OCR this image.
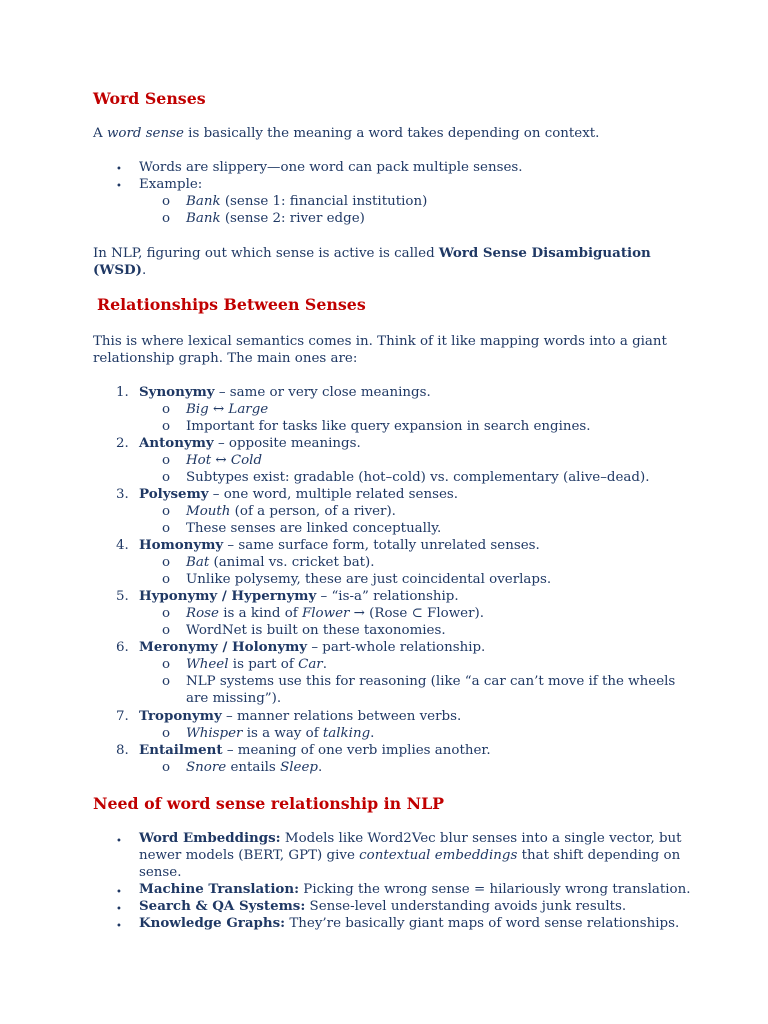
Word Senses
A word sense is basically the meaning a word takes depending on context.
• Words are slippery—one word can pack multiple senses.
• Example:
o Bank (sense 1: financial institution)
o Bank (sense 2: river edge)
In NLP, figuring out which sense is active is called Word Sense Disambiguation
(WSD).
Relationships Between Senses
This is where lexical semantics comes in. Think of it like mapping words into a giant
relationship graph. The main ones are:
1. Synonymy – same or very close meanings.
o Big ↔ Large
o Important for tasks like query expansion in search engines.
2. Antonymy – opposite meanings.
o Hot ↔ Cold
o Subtypes exist: gradable (hot–cold) vs. complementary (alive–dead).
3. Polysemy – one word, multiple related senses.
o Mouth (of a person, of a river).
o These senses are linked conceptually.
4. Homonymy – same surface form, totally unrelated senses.
o Bat (animal vs. cricket bat).
o Unlike polysemy, these are just coincidental overlaps.
5. Hyponymy / Hypernymy – “is-a” relationship.
o Rose is a kind of Flower → (Rose ⊂ Flower).
o WordNet is built on these taxonomies.
6. Meronymy / Holonymy – part-whole relationship.
o Wheel is part of Car.
o NLP systems use this for reasoning (like “a car can’t move if the wheels
are missing”).
7. Troponymy – manner relations between verbs.
o Whisper is a way of talking.
8. Entailment – meaning of one verb implies another.
o Snore entails Sleep.
Need of word sense relationship in NLP
• Word Embeddings: Models like Word2Vec blur senses into a single vector, but
newer models (BERT, GPT) give contextual embeddings that shift depending on
sense.
• Machine Translation: Picking the wrong sense = hilariously wrong translation.
• Search & QA Systems: Sense-level understanding avoids junk results.
• Knowledge Graphs: They’re basically giant maps of word sense relationships.
